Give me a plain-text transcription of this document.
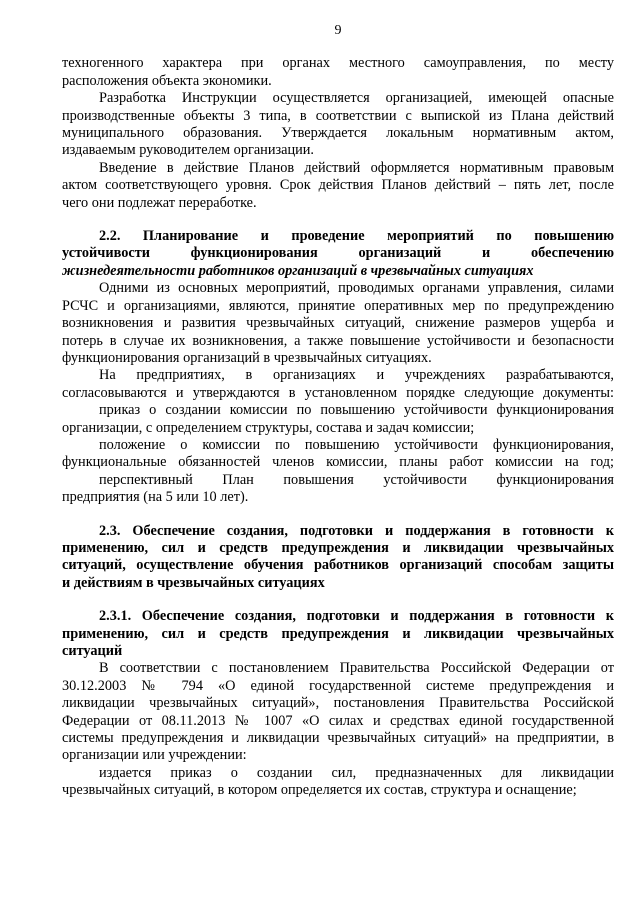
9

техногенного характера при органах местного самоуправления, по месту

расположения объекта экономики.

Разработка Инструкции осуществляется организацией, имеющей опасные

производственные объекты 3 типа, в соответствии с выпиской из Плана действий

муниципального образования. Утверждается локальным нормативным актом,

издаваемым руководителем организации.

Введение в действие Планов действий оформляется нормативным правовым

актом соответствующего уровня. Срок действия Планов действий – пять лет, после

чего они подлежат переработке.

2.2. Планирование и проведение мероприятий по повышению

устойчивости функционирования организаций и обеспечению

жизнедеятельности работников организаций в чрезвычайных ситуациях

Одними из основных мероприятий, проводимых органами управления, силами

РСЧС и организациями, являются, принятие оперативных мер по предупреждению

возникновения и развития чрезвычайных ситуаций, снижение размеров ущерба и

потерь в случае их возникновения, а также повышение устойчивости и безопасности

функционирования организаций в чрезвычайных ситуациях.

На предприятиях, в организациях и учреждениях разрабатываются,

согласовываются и утверждаются в установленном порядке следующие документы:

приказ о создании комиссии по повышению устойчивости функционирования

организации, с определением структуры, состава и задач комиссии;

положение о комиссии по повышению устойчивости функционирования,

функциональные обязанностей членов комиссии, планы работ комиссии на год;

перспективный План повышения устойчивости функционирования

предприятия (на 5 или 10 лет).

2.3. Обеспечение создания, подготовки и поддержания в готовности к

применению, сил и средств предупреждения и ликвидации чрезвычайных

ситуаций, осуществление обучения работников организаций способам защиты

и действиям в чрезвычайных ситуациях

2.3.1. Обеспечение создания, подготовки и поддержания в готовности к

применению, сил и средств предупреждения и ликвидации чрезвычайных

ситуаций

В соответствии с постановлением Правительства Российской Федерации от

30.12.2003 № 794 «О единой государственной системе предупреждения и

ликвидации чрезвычайных ситуаций», постановления Правительства Российской

Федерации от 08.11.2013 № 1007 «О силах и средствах единой государственной

системы предупреждения и ликвидации чрезвычайных ситуаций» на предприятии, в

организации или учреждении:

издается приказ о создании сил, предназначенных для ликвидации

чрезвычайных ситуаций, в котором определяется их состав, структура и оснащение;
